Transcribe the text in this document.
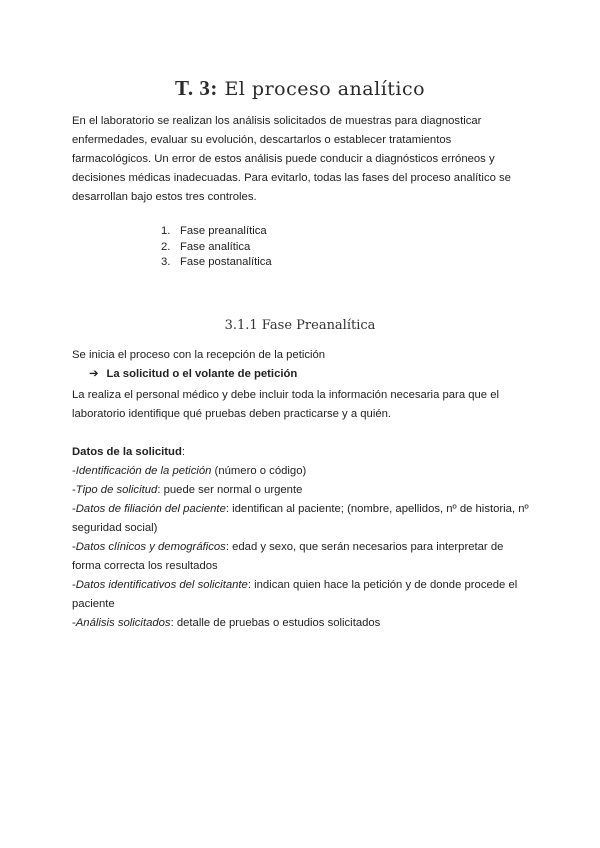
T. 3: El proceso analítico

En el laboratorio se realizan los análisis solicitados de muestras para diagnosticar enfermedades, evaluar su evolución, descartarlos o establecer tratamientos farmacológicos. Un error de estos análisis puede conducir a diagnósticos erróneos y decisiones médicas inadecuadas. Para evitarlo, todas las fases del proceso analítico se desarrollan bajo estos tres controles.

1. Fase preanalítica
2. Fase analítica
3. Fase postanalítica
3.1.1 Fase Preanalítica

Se inicia el proceso con la recepción de la petición

➔ La solicitud o el volante de petición

La realiza el personal médico y debe incluir toda la información necesaria para que el laboratorio identifique qué pruebas deben practicarse y a quién.

Datos de la solicitud:

-Identificación de la petición (número o código)

-Tipo de solicitud: puede ser normal o urgente

-Datos de filiación del paciente: identifican al paciente; (nombre, apellidos, nº de historia, nº seguridad social)

-Datos clínicos y demográficos: edad y sexo, que serán necesarios para interpretar de forma correcta los resultados

-Datos identificativos del solicitante: indican quien hace la petición y de donde procede el paciente

-Análisis solicitados: detalle de pruebas o estudios solicitados
